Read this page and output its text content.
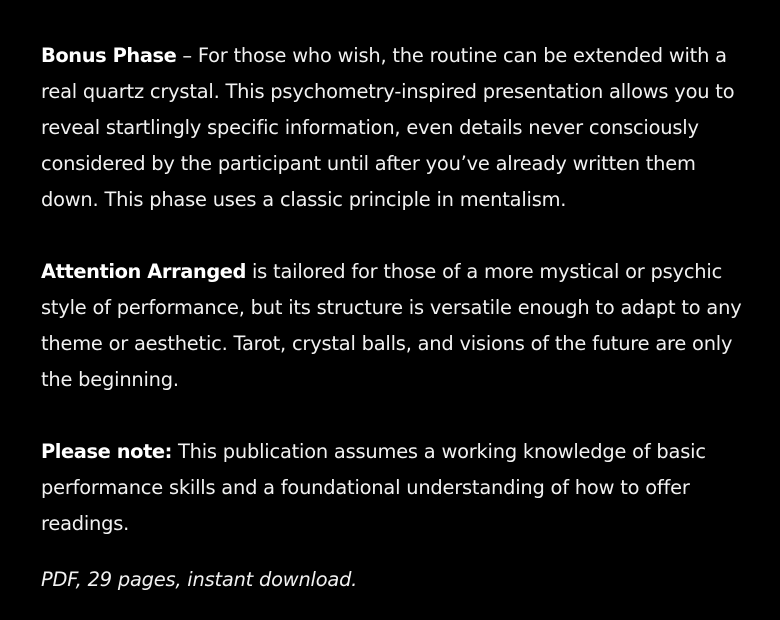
Bonus Phase – For those who wish, the routine can be extended with a real quartz crystal. This psychometry-inspired presentation allows you to reveal startlingly specific information, even details never consciously considered by the participant until after you’ve already written them down. This phase uses a classic principle in mentalism.

Attention Arranged is tailored for those of a more mystical or psychic style of performance, but its structure is versatile enough to adapt to any theme or aesthetic. Tarot, crystal balls, and visions of the future are only the beginning.

Please note: This publication assumes a working knowledge of basic performance skills and a foundational understanding of how to offer readings.

PDF, 29 pages, instant download.
